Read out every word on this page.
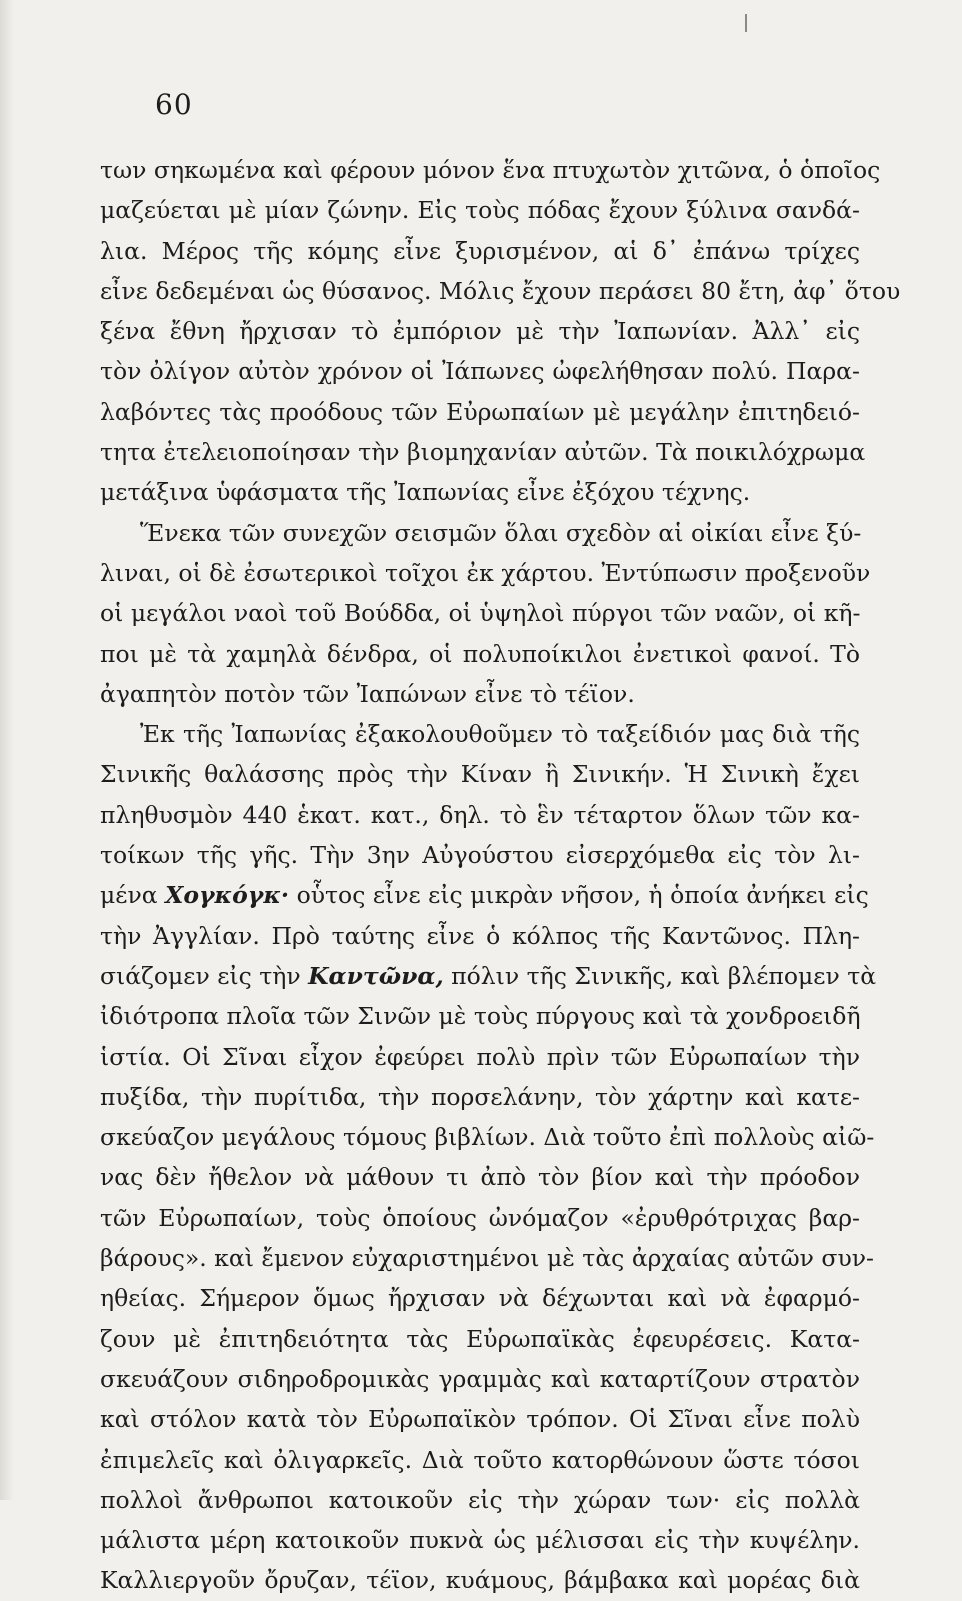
60
των σηκωμένα καὶ φέρουν μόνον ἕνα πτυχωτὸν χιτῶνα, ὁ ὁποῖος
μαζεύεται μὲ μίαν ζώνην. Εἰς τοὺς πόδας ἔχουν ξύλινα σανδά-
λια. Μέρος τῆς κόμης εἶνε ξυρισμένον, αἱ δ᾿ ἐπάνω τρίχες
εἶνε δεδεμέναι ὡς θύσανος. Μόλις ἔχουν περάσει 80 ἔτη, ἀφ᾿ ὅτου
ξένα ἔθνη ἤρχισαν τὸ ἐμπόριον μὲ τὴν Ἰαπωνίαν. Ἀλλ᾿ εἰς
τὸν ὀλίγον αὐτὸν χρόνον οἱ Ἰάπωνες ὠφελήθησαν πολύ. Παρα-
λαβόντες τὰς προόδους τῶν Εὐρωπαίων μὲ μεγάλην ἐπιτηδειό-
τητα ἐτελειοποίησαν τὴν βιομηχανίαν αὐτῶν. Τὰ ποικιλόχρωμα
μετάξινα ὑφάσματα τῆς Ἰαπωνίας εἶνε ἐξόχου τέχνης.
Ἕνεκα τῶν συνεχῶν σεισμῶν ὅλαι σχεδὸν αἱ οἰκίαι εἶνε ξύ-
λιναι, οἱ δὲ ἐσωτερικοὶ τοῖχοι ἐκ χάρτου. Ἐντύπωσιν προξενοῦν
οἱ μεγάλοι ναοὶ τοῦ Βούδδα, οἱ ὑψηλοὶ πύργοι τῶν ναῶν, οἱ κῆ-
ποι μὲ τὰ χαμηλὰ δένδρα, οἱ πολυποίκιλοι ἐνετικοὶ φανοί. Τὸ
ἀγαπητὸν ποτὸν τῶν Ἰαπώνων εἶνε τὸ τέϊον.
Ἐκ τῆς Ἰαπωνίας ἐξακολουθοῦμεν τὸ ταξείδιόν μας διὰ τῆς
Σινικῆς θαλάσσης πρὸς τὴν Κίναν ἢ Σινικήν. Ἡ Σινικὴ ἔχει
πληθυσμὸν 440 ἑκατ. κατ., δηλ. τὸ ἓν τέταρτον ὅλων τῶν κα-
τοίκων τῆς γῆς. Τὴν 3ην Αὐγούστου εἰσερχόμεθα εἰς τὸν λι-
μένα Χογκόγκ· οὗτος εἶνε εἰς μικρὰν νῆσον, ἡ ὁποία ἀνήκει εἰς
τὴν Ἀγγλίαν. Πρὸ ταύτης εἶνε ὁ κόλπος τῆς Καντῶνος. Πλη-
σιάζομεν εἰς τὴν Καντῶνα, πόλιν τῆς Σινικῆς, καὶ βλέπομεν τὰ
ἰδιότροπα πλοῖα τῶν Σινῶν μὲ τοὺς πύργους καὶ τὰ χονδροειδῆ
ἱστία. Οἱ Σῖναι εἶχον ἐφεύρει πολὺ πρὶν τῶν Εὐρωπαίων τὴν
πυξίδα, τὴν πυρίτιδα, τὴν πορσελάνην, τὸν χάρτην καὶ κατε-
σκεύαζον μεγάλους τόμους βιβλίων. Διὰ τοῦτο ἐπὶ πολλοὺς αἰῶ-
νας δὲν ἤθελον νὰ μάθουν τι ἀπὸ τὸν βίον καὶ τὴν πρόοδον
τῶν Εὐρωπαίων, τοὺς ὁποίους ὠνόμαζον «ἐρυθρότριχας βαρ-
βάρους». καὶ ἔμενον εὐχαριστημένοι μὲ τὰς ἀρχαίας αὐτῶν συν-
ηθείας. Σήμερον ὅμως ἤρχισαν νὰ δέχωνται καὶ νὰ ἐφαρμό-
ζουν μὲ ἐπιτηδειότητα τὰς Εὐρωπαϊκὰς ἐφευρέσεις. Κατα-
σκευάζουν σιδηροδρομικὰς γραμμὰς καὶ καταρτίζουν στρατὸν
καὶ στόλον κατὰ τὸν Εὐρωπαϊκὸν τρόπον. Οἱ Σῖναι εἶνε πολὺ
ἐπιμελεῖς καὶ ὀλιγαρκεῖς. Διὰ τοῦτο κατορθώνουν ὥστε τόσοι
πολλοὶ ἄνθρωποι κατοικοῦν εἰς τὴν χώραν των· εἰς πολλὰ
μάλιστα μέρη κατοικοῦν πυκνὰ ὡς μέλισσαι εἰς τὴν κυψέλην.
Καλλιεργοῦν ὄρυζαν, τέϊον, κυάμους, βάμβακα καὶ μορέας διὰ
